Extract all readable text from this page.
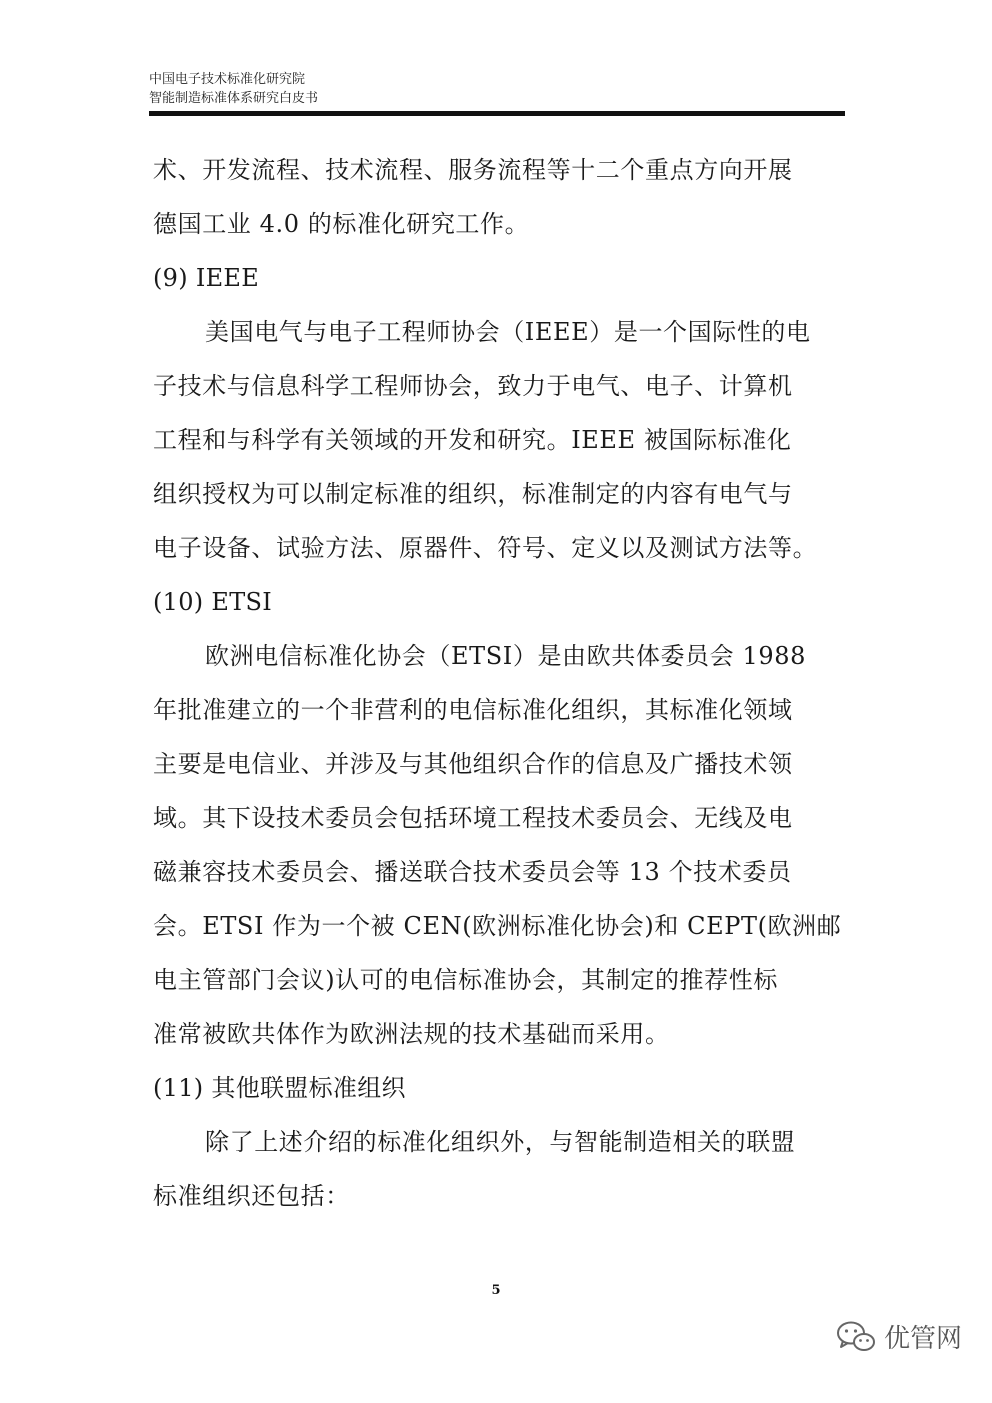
中国电子技术标准化研究院
智能制造标准体系研究白皮书
术、开发流程、技术流程、服务流程等十二个重点方向开展
德国工业 4.0 的标准化研究工作。
(9) IEEE
美国电气与电子工程师协会（IEEE）是一个国际性的电
子技术与信息科学工程师协会，致力于电气、电子、计算机
工程和与科学有关领域的开发和研究。IEEE 被国际标准化
组织授权为可以制定标准的组织，标准制定的内容有电气与
电子设备、试验方法、原器件、符号、定义以及测试方法等。
(10) ETSI
欧洲电信标准化协会（ETSI）是由欧共体委员会 1988
年批准建立的一个非营利的电信标准化组织，其标准化领域
主要是电信业、并涉及与其他组织合作的信息及广播技术领
域。其下设技术委员会包括环境工程技术委员会、无线及电
磁兼容技术委员会、播送联合技术委员会等 13 个技术委员
会。ETSI 作为一个被 CEN(欧洲标准化协会)和 CEPT(欧洲邮
电主管部门会议)认可的电信标准协会，其制定的推荐性标
准常被欧共体作为欧洲法规的技术基础而采用。
(11) 其他联盟标准组织
除了上述介绍的标准化组织外，与智能制造相关的联盟
标准组织还包括：
5
优管网
